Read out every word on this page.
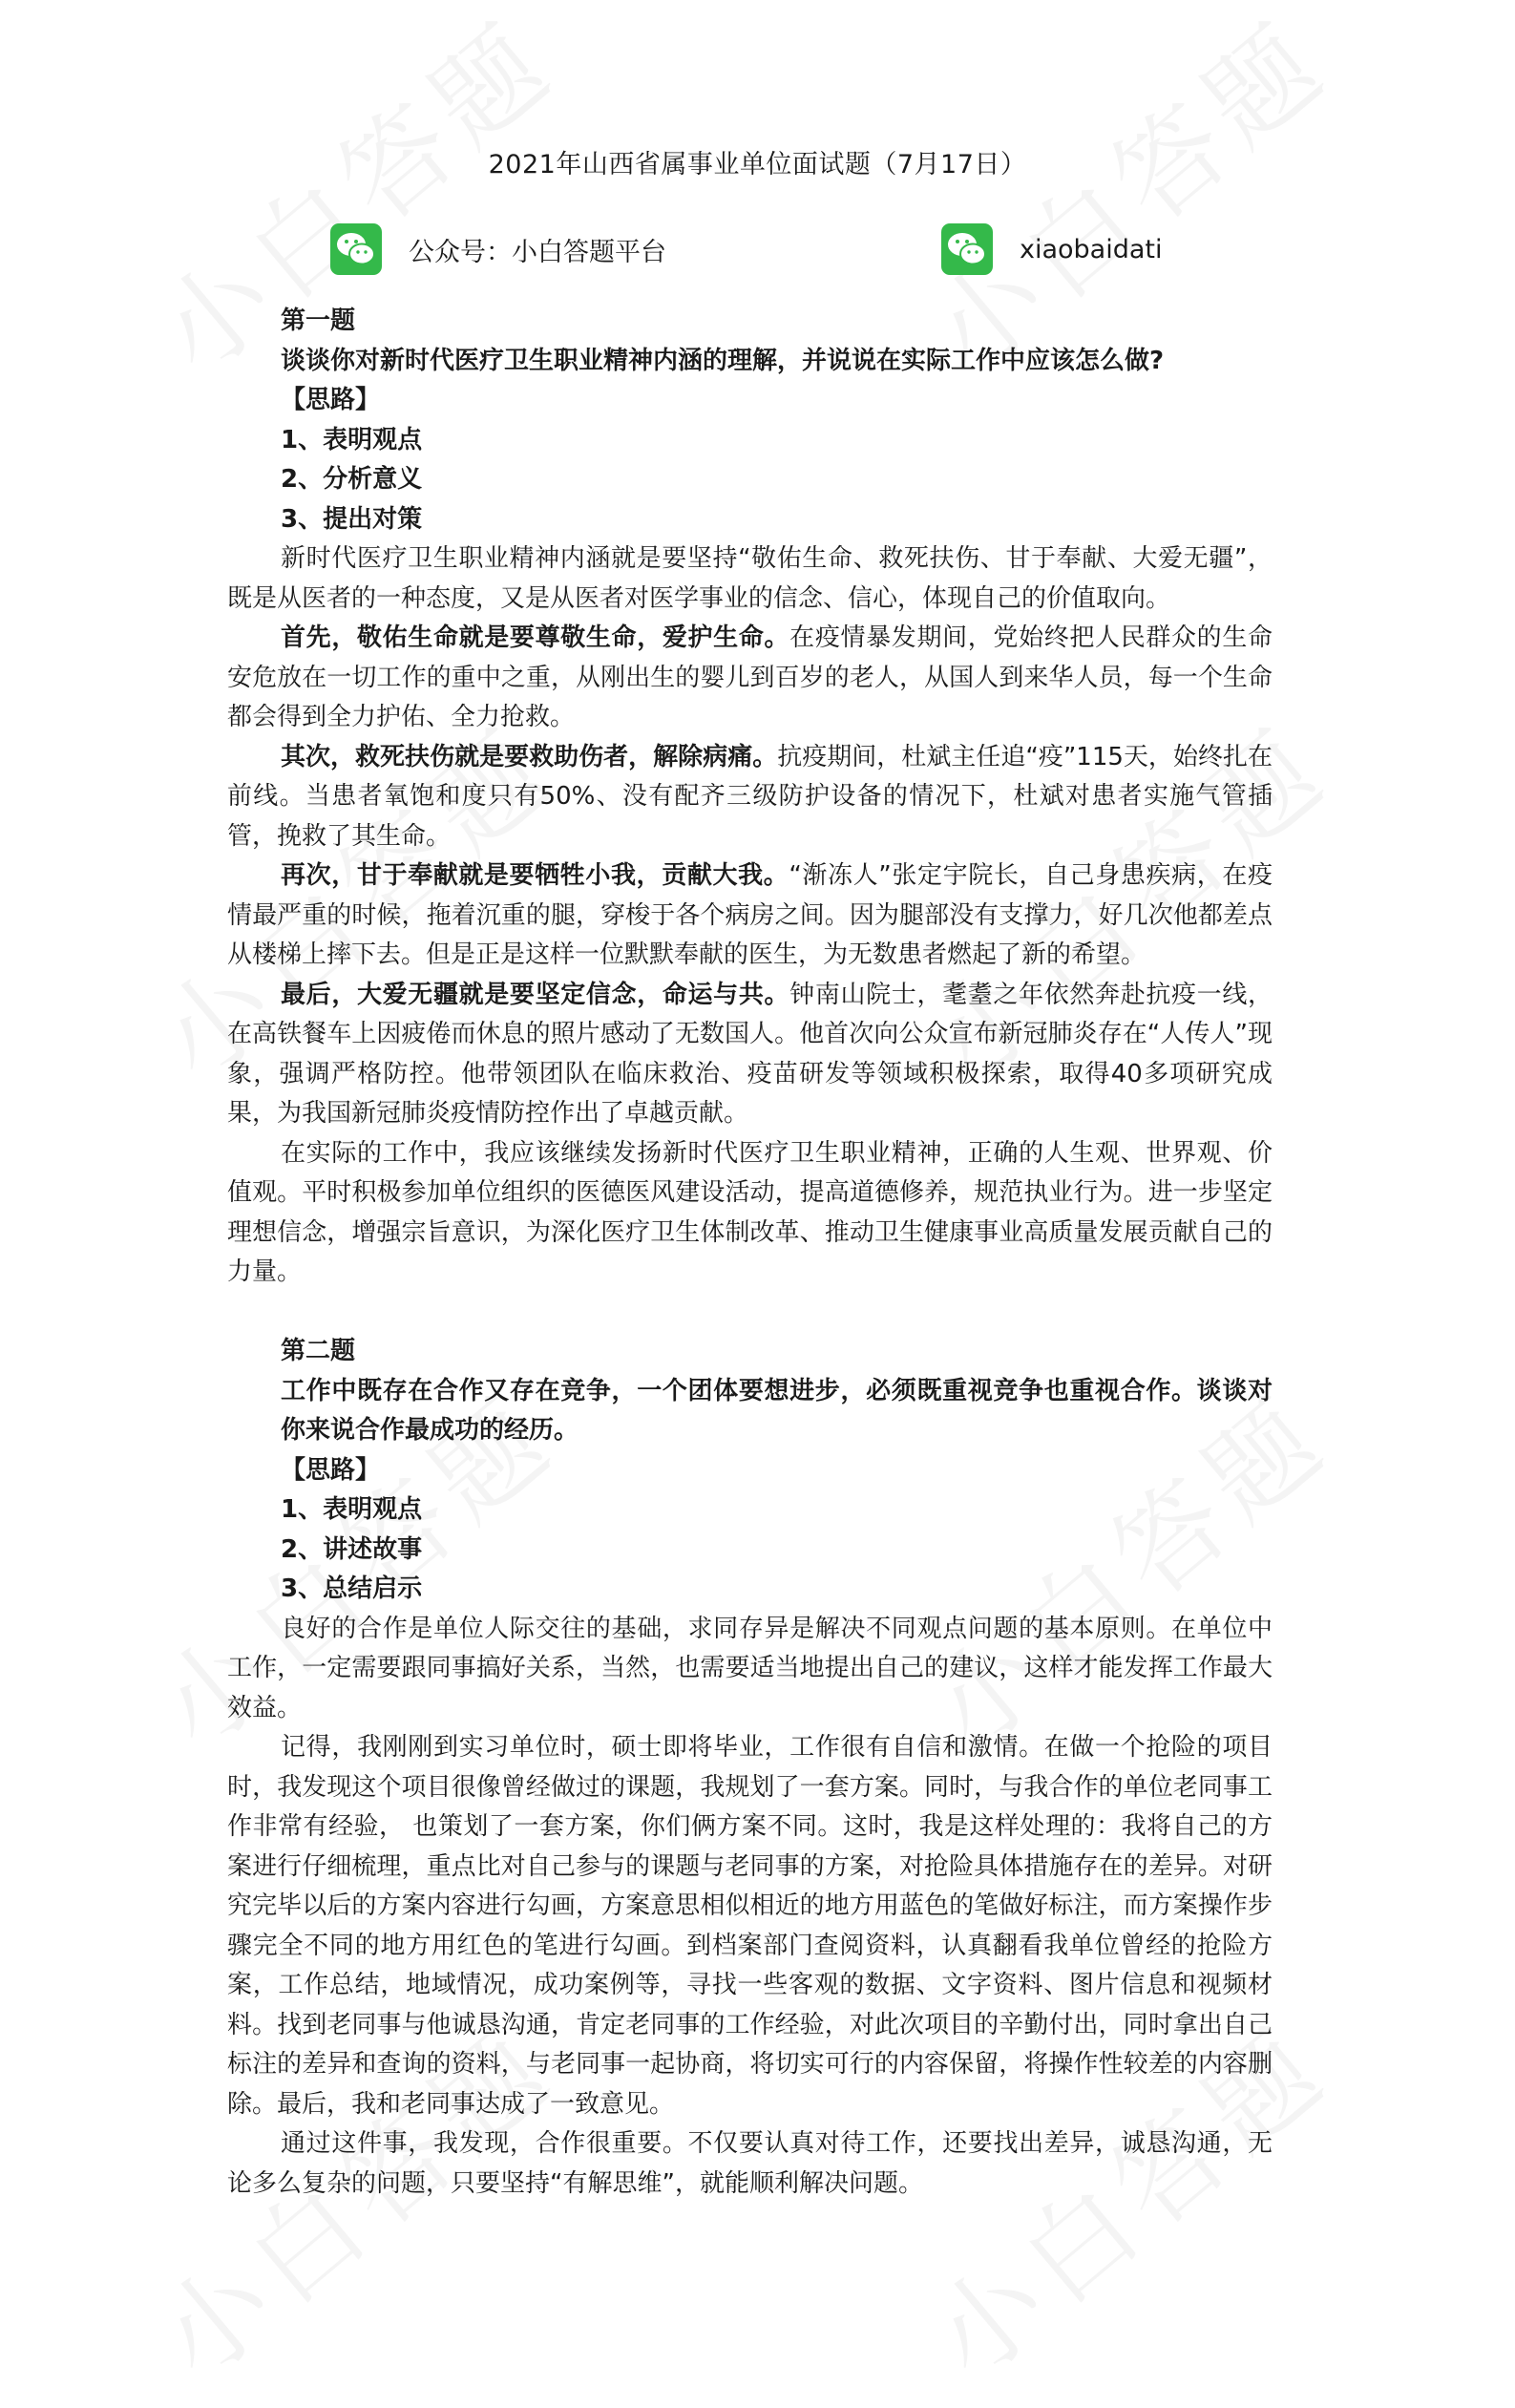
2021年山西省属事业单位面试题（7月17日）
公众号：小白答题平台	xiaobaidati

第一题

谈谈你对新时代医疗卫生职业精神内涵的理解，并说说在实际工作中应该怎么做?

【思路】

1、表明观点

2、分析意义

3、提出对策

新时代医疗卫生职业精神内涵就是要坚持“敬佑生命、救死扶伤、甘于奉献、大爱无疆”，既是从医者的一种态度，又是从医者对医学事业的信念、信心，体现自己的价值取向。

首先，敬佑生命就是要尊敬生命，爱护生命。在疫情暴发期间，党始终把人民群众的生命安危放在一切工作的重中之重，从刚出生的婴儿到百岁的老人，从国人到来华人员，每一个生命都会得到全力护佑、全力抢救。

其次，救死扶伤就是要救助伤者，解除病痛。抗疫期间，杜斌主任追“疫”115天，始终扎在前线。当患者氧饱和度只有50%、没有配齐三级防护设备的情况下，杜斌对患者实施气管插管，挽救了其生命。

再次，甘于奉献就是要牺牲小我，贡献大我。“渐冻人”张定宇院长，自己身患疾病，在疫情最严重的时候，拖着沉重的腿，穿梭于各个病房之间。因为腿部没有支撑力，好几次他都差点从楼梯上摔下去。但是正是这样一位默默奉献的医生，为无数患者燃起了新的希望。

最后，大爱无疆就是要坚定信念，命运与共。钟南山院士，耄耋之年依然奔赴抗疫一线，在高铁餐车上因疲倦而休息的照片感动了无数国人。他首次向公众宣布新冠肺炎存在“人传人”现象，强调严格防控。他带领团队在临床救治、疫苗研发等领域积极探索，取得40多项研究成果，为我国新冠肺炎疫情防控作出了卓越贡献。

在实际的工作中，我应该继续发扬新时代医疗卫生职业精神，正确的人生观、世界观、价值观。平时积极参加单位组织的医德医风建设活动，提高道德修养，规范执业行为。进一步坚定理想信念，增强宗旨意识，为深化医疗卫生体制改革、推动卫生健康事业高质量发展贡献自己的力量。

第二题

工作中既存在合作又存在竞争，一个团体要想进步，必须既重视竞争也重视合作。谈谈对你来说合作最成功的经历。

【思路】

1、表明观点

2、讲述故事

3、总结启示

良好的合作是单位人际交往的基础，求同存异是解决不同观点问题的基本原则。在单位中工作，一定需要跟同事搞好关系，当然，也需要适当地提出自己的建议，这样才能发挥工作最大效益。

记得，我刚刚到实习单位时，硕士即将毕业，工作很有自信和激情。在做一个抢险的项目时，我发现这个项目很像曾经做过的课题，我规划了一套方案。同时，与我合作的单位老同事工作非常有经验， 也策划了一套方案，你们俩方案不同。这时，我是这样处理的：我将自己的方案进行仔细梳理，重点比对自己参与的课题与老同事的方案，对抢险具体措施存在的差异。对研究完毕以后的方案内容进行勾画，方案意思相似相近的地方用蓝色的笔做好标注，而方案操作步骤完全不同的地方用红色的笔进行勾画。到档案部门查阅资料，认真翻看我单位曾经的抢险方案，工作总结，地域情况，成功案例等，寻找一些客观的数据、文字资料、图片信息和视频材料。找到老同事与他诚恳沟通，肯定老同事的工作经验，对此次项目的辛勤付出，同时拿出自己标注的差异和查询的资料，与老同事一起协商，将切实可行的内容保留，将操作性较差的内容删除。最后，我和老同事达成了一致意见。

通过这件事，我发现，合作很重要。不仅要认真对待工作，还要找出差异，诚恳沟通，无论多么复杂的问题，只要坚持“有解思维”，就能顺利解决问题。
